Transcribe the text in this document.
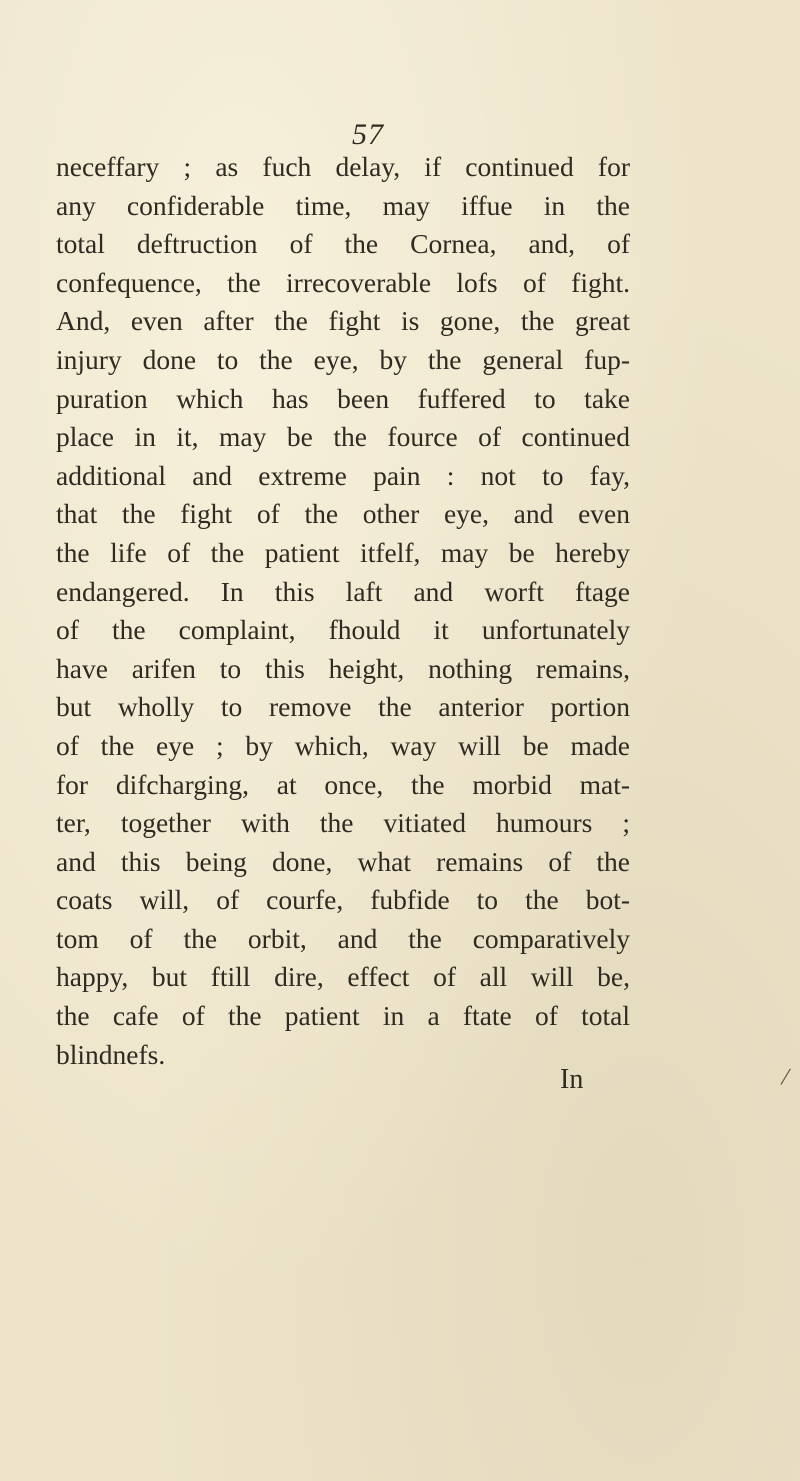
57
neceffary ; as fuch delay, if continued for
any confiderable time, may iffue in the
total deftruction of the Cornea, and, of
confequence, the irrecoverable lofs of fight.
And, even after the fight is gone, the great
injury done to the eye, by the general fup-
puration which has been fuffered to take
place in it, may be the fource of continued
additional and extreme pain : not to fay,
that the fight of the other eye, and even
the life of the patient itfelf, may be hereby
endangered. In this laft and worft ftage
of the complaint, fhould it unfortunately
have arifen to this height, nothing remains,
but wholly to remove the anterior portion
of the eye ; by which, way will be made
for difcharging, at once, the morbid mat-
ter, together with the vitiated humours ;
and this being done, what remains of the
coats will, of courfe, fubfide to the bot-
tom of the orbit, and the comparatively
happy, but ftill dire, effect of all will be,
the cafe of the patient in a ftate of total
blindnefs.
In	/
